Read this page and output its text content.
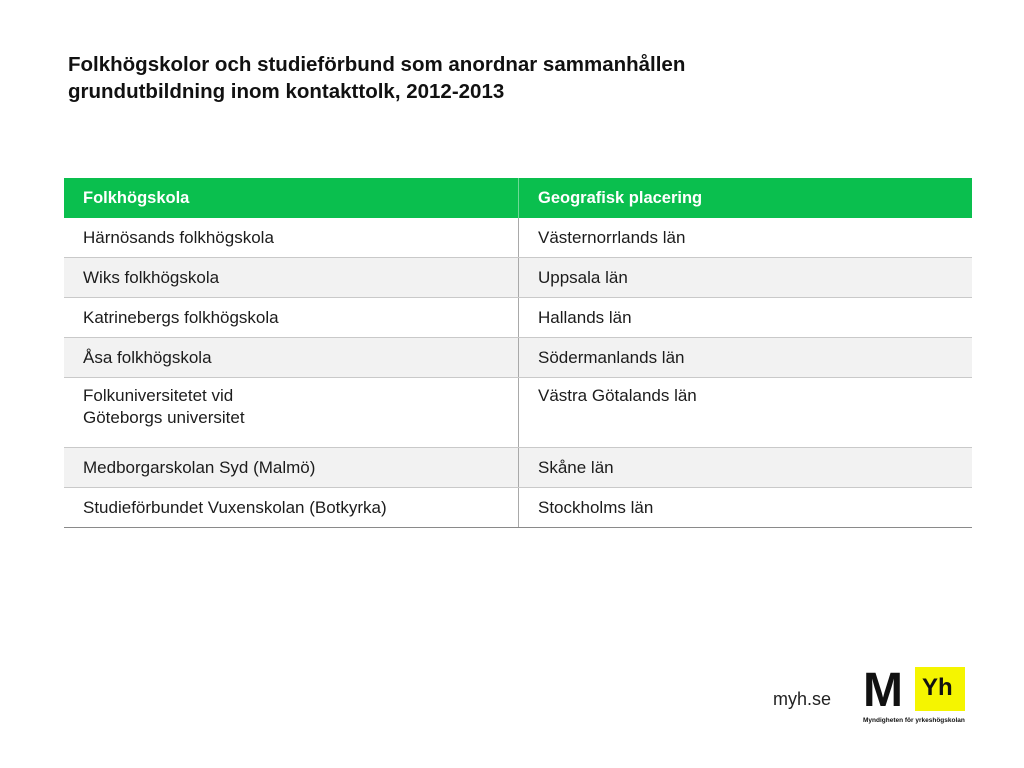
Folkhögskolor och studieförbund som anordnar sammanhållen
grundutbildning inom kontakttolk, 2012-2013
Folkhögskola	Geografisk placering

Härnösands folkhögskola	Västernorrlands län

Wiks folkhögskola	Uppsala län

Katrinebergs folkhögskola	Hallands län

Åsa folkhögskola	Södermanlands län

Folkuniversitetet vid
Göteborgs universitet	Västra Götalands län

Medborgarskolan Syd (Malmö)	Skåne län

Studieförbundet Vuxenskolan (Botkyrka)	Stockholms län
myh.se M Yh
Myndigheten för yrkeshögskolan
